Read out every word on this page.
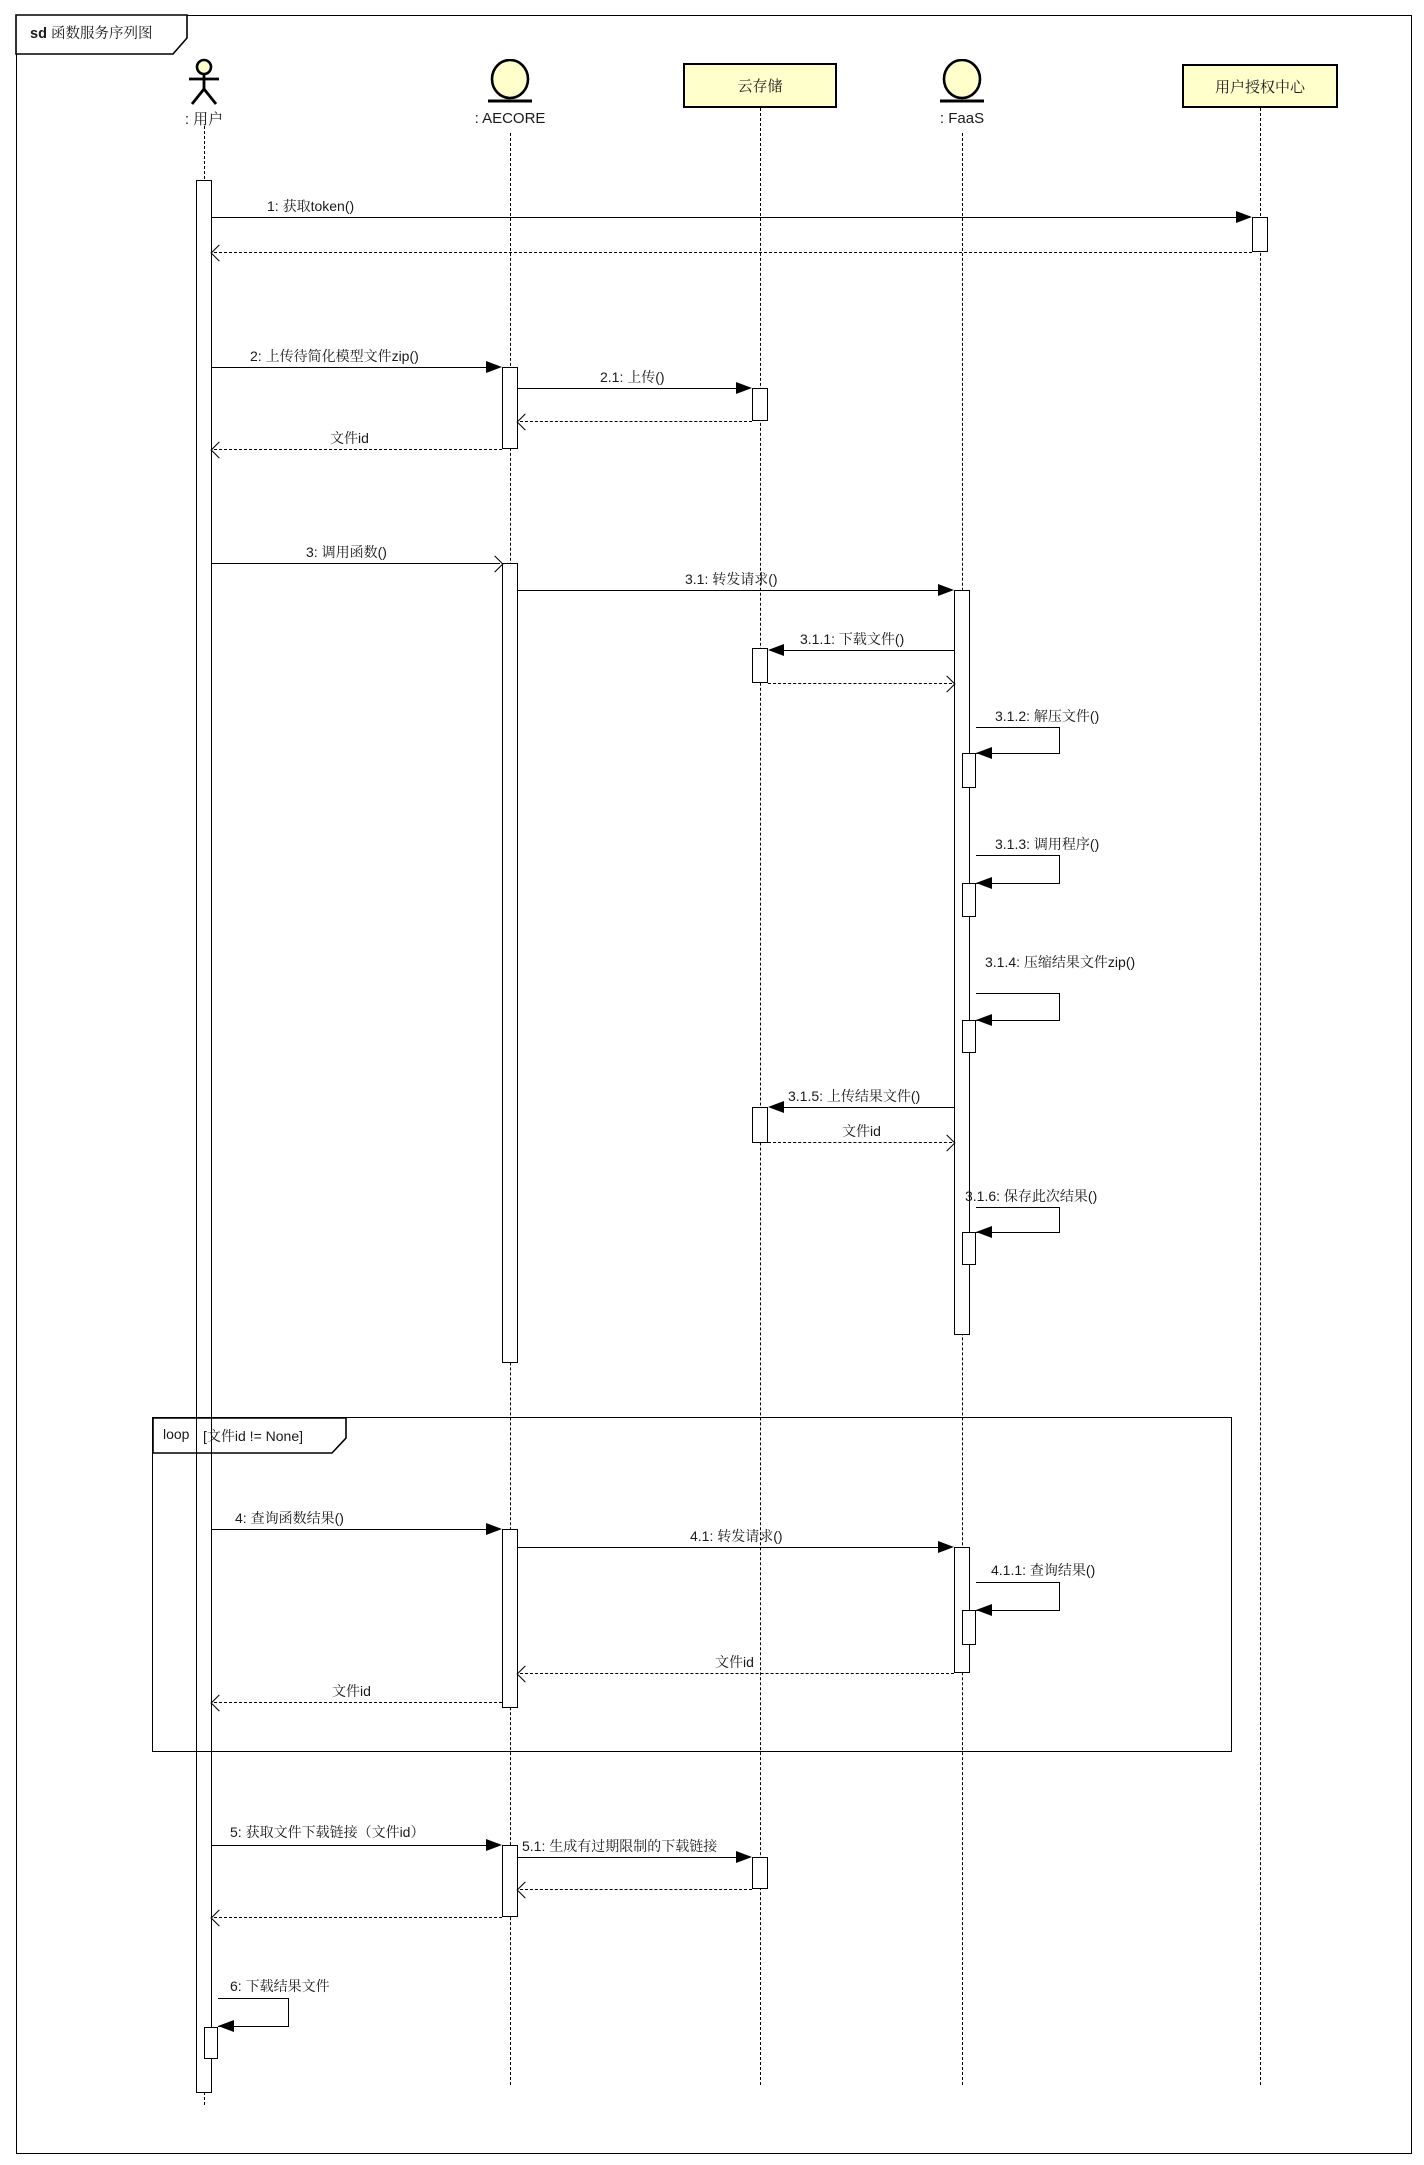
sd 函数服务序列图
: 用户	: AECORE
云存储
: FaaS
用户授权中心
loop [文件id != None]
1: 获取token()
2: 上传待简化模型文件zip()
2.1: 上传()
文件id
3: 调用函数()
3.1: 转发请求()
3.1.1: 下载文件()
3.1.2: 解压文件()
3.1.3: 调用程序()
3.1.4: 压缩结果文件zip()
3.1.5: 上传结果文件()
文件id
3.1.6: 保存此次结果()
4: 查询函数结果()
4.1: 转发请求()
4.1.1: 查询结果()
文件id
文件id
5: 获取文件下载链接（文件id）
5.1: 生成有过期限制的下载链接
6: 下载结果文件
